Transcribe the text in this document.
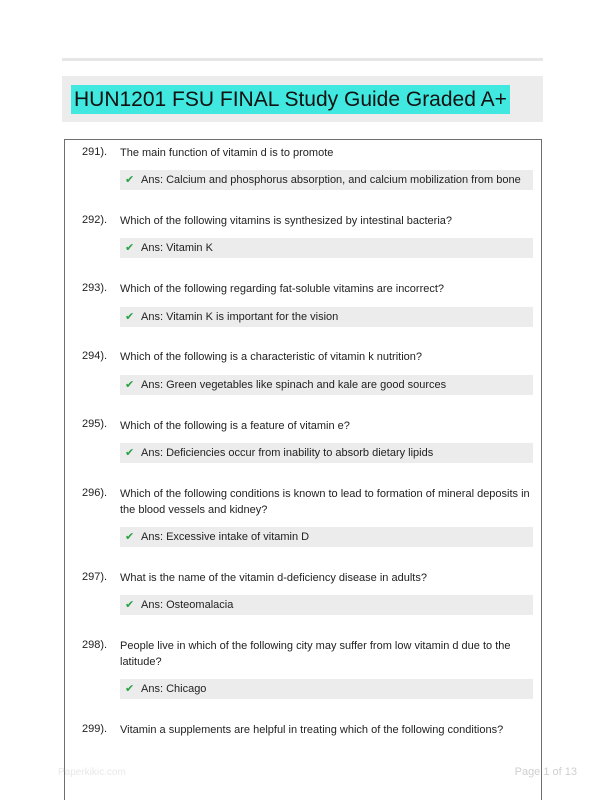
HUN1201 FSU FINAL Study Guide Graded A+
291). The main function of vitamin d is to promote
✔ Ans: Calcium and phosphorus absorption, and calcium mobilization from bone
292). Which of the following vitamins is synthesized by intestinal bacteria?
✔ Ans: Vitamin K
293). Which of the following regarding fat-soluble vitamins are incorrect?
✔ Ans: Vitamin K is important for the vision
294). Which of the following is a characteristic of vitamin k nutrition?
✔ Ans: Green vegetables like spinach and kale are good sources
295). Which of the following is a feature of vitamin e?
✔ Ans: Deficiencies occur from inability to absorb dietary lipids
296). Which of the following conditions is known to lead to formation of mineral deposits in the blood vessels and kidney?
✔ Ans: Excessive intake of vitamin D
297). What is the name of the vitamin d-deficiency disease in adults?
✔ Ans: Osteomalacia
298). People live in which of the following city may suffer from low vitamin d due to the latitude?
✔ Ans: Chicago
299). Vitamin a supplements are helpful in treating which of the following conditions?
Paperkikic.com	Page 1 of 13
